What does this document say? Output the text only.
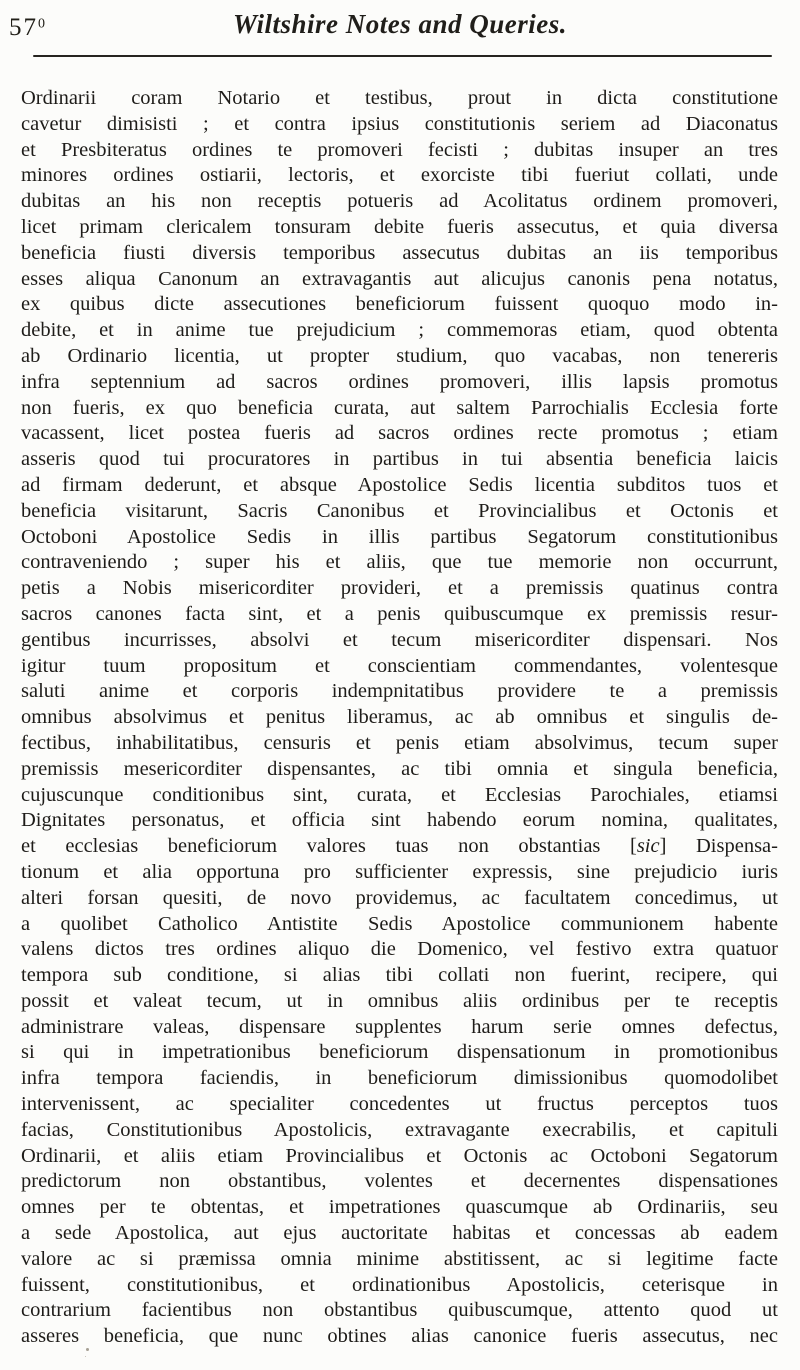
$57^0$	Wiltshire Notes and Queries.

Ordinarii coram Notario et testibus, prout in dicta constitutione

cavetur dimisisti ; et contra ipsius constitutionis seriem ad Diaconatus

et Presbiteratus ordines te promoveri fecisti ; dubitas insuper an tres

minores ordines ostiarii, lectoris, et exorciste tibi fueriut collati, unde

dubitas an his non receptis potueris ad Acolitatus ordinem promoveri,

licet primam clericalem tonsuram debite fueris assecutus, et quia diversa

beneficia fiusti diversis temporibus assecutus dubitas an iis temporibus

esses aliqua Canonum an extravagantis aut alicujus canonis pena notatus,

ex quibus dicte assecutiones beneficiorum fuissent quoquo modo in-

debite, et in anime tue prejudicium ; commemoras etiam, quod obtenta

ab Ordinario licentia, ut propter studium, quo vacabas, non tenereris

infra septennium ad sacros ordines promoveri, illis lapsis promotus

non fueris, ex quo beneficia curata, aut saltem Parrochialis Ecclesia forte

vacassent, licet postea fueris ad sacros ordines recte promotus ; etiam

asseris quod tui procuratores in partibus in tui absentia beneficia laicis

ad firmam dederunt, et absque Apostolice Sedis licentia subditos tuos et

beneficia visitarunt, Sacris Canonibus et Provincialibus et Octonis et

Octoboni Apostolice Sedis in illis partibus Segatorum constitutionibus

contraveniendo ; super his et aliis, que tue memorie non occurrunt,

petis a Nobis misericorditer provideri, et a premissis quatinus contra

sacros canones facta sint, et a penis quibuscumque ex premissis resur-

gentibus incurrisses, absolvi et tecum misericorditer dispensari. Nos

igitur tuum propositum et conscientiam commendantes, volentesque

saluti anime et corporis indempnitatibus providere te a premissis

omnibus absolvimus et penitus liberamus, ac ab omnibus et singulis de-

fectibus, inhabilitatibus, censuris et penis etiam absolvimus, tecum super

premissis mesericorditer dispensantes, ac tibi omnia et singula beneficia,

cujuscunque conditionibus sint, curata, et Ecclesias Parochiales, etiamsi

Dignitates personatus, et officia sint habendo eorum nomina, qualitates,

et ecclesias beneficiorum valores tuas non obstantias [sic] Dispensa-

tionum et alia opportuna pro sufficienter expressis, sine prejudicio iuris

alteri forsan quesiti, de novo providemus, ac facultatem concedimus, ut

a quolibet Catholico Antistite Sedis Apostolice communionem habente

valens dictos tres ordines aliquo die Domenico, vel festivo extra quatuor

tempora sub conditione, si alias tibi collati non fuerint, recipere, qui

possit et valeat tecum, ut in omnibus aliis ordinibus per te receptis

administrare valeas, dispensare supplentes harum serie omnes defectus,

si qui in impetrationibus beneficiorum dispensationum in promotionibus

infra tempora faciendis, in beneficiorum dimissionibus quomodolibet

intervenissent, ac specialiter concedentes ut fructus perceptos tuos

facias, Constitutionibus Apostolicis, extravagante execrabilis, et capituli

Ordinarii, et aliis etiam Provincialibus et Octonis ac Octoboni Segatorum

predictorum non obstantibus, volentes et decernentes dispensationes

omnes per te obtentas, et impetrationes quascumque ab Ordinariis, seu

a sede Apostolica, aut ejus auctoritate habitas et concessas ab eadem

valore ac si præmissa omnia minime abstitissent, ac si legitime facte

fuissent, constitutionibus, et ordinationibus Apostolicis, ceterisque in

contrarium facientibus non obstantibus quibuscumque, attento quod ut

asseres beneficia, que nunc obtines alias canonice fueris assecutus, nec
